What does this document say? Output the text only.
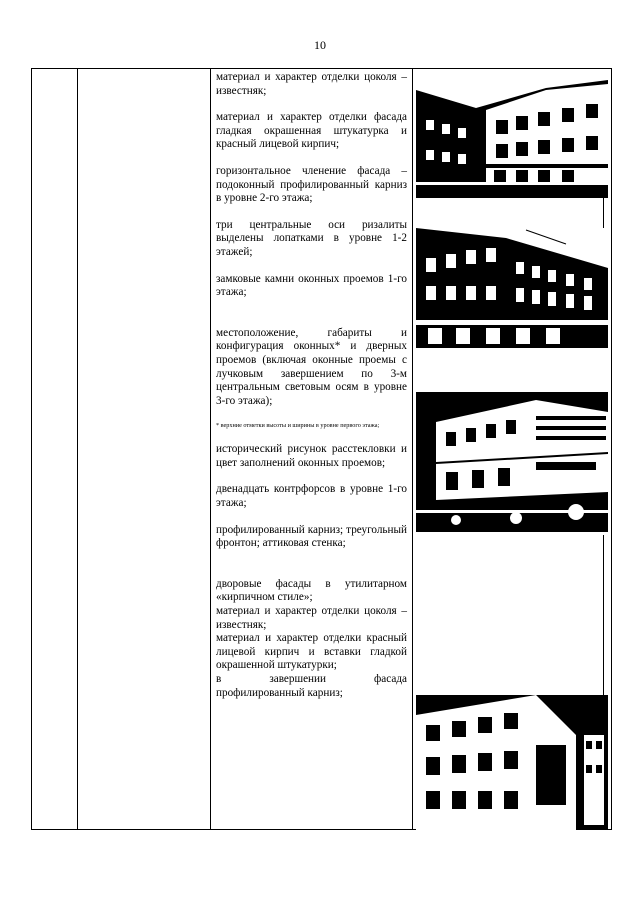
10

материал и характер отделки цоколя – известняк;

материал и характер отделки фасада гладкая окрашенная штукатурка и красный лицевой кирпич;

горизонтальное членение фасада – подоконный профилированный карниз в уровне 2-го этажа;

три центральные оси ризалиты выделены лопатками в уровне 1-2 этажей;

замковые камни оконных проемов 1-го этажа;

местоположение, габариты и конфигурация оконных* и дверных проемов (включая оконные проемы с лучковым завершением по 3-м центральным световым осям в уровне 3-го этажа);

* верхние отметки высоты и ширины в уровне первого этажа;

исторический рисунок расстекловки и цвет заполнений оконных проемов;

двенадцать контрфорсов в уровне 1-го этажа;

профилированный карниз; треугольный фронтон; аттиковая стенка;

дворовые фасады в утилитарном «кирпичном стиле»;

материал и характер отделки цоколя – известняк;

материал и характер отделки красный лицевой кирпич и вставки гладкой окрашенной штукатурки;

в завершении фасада профилированный карниз;
